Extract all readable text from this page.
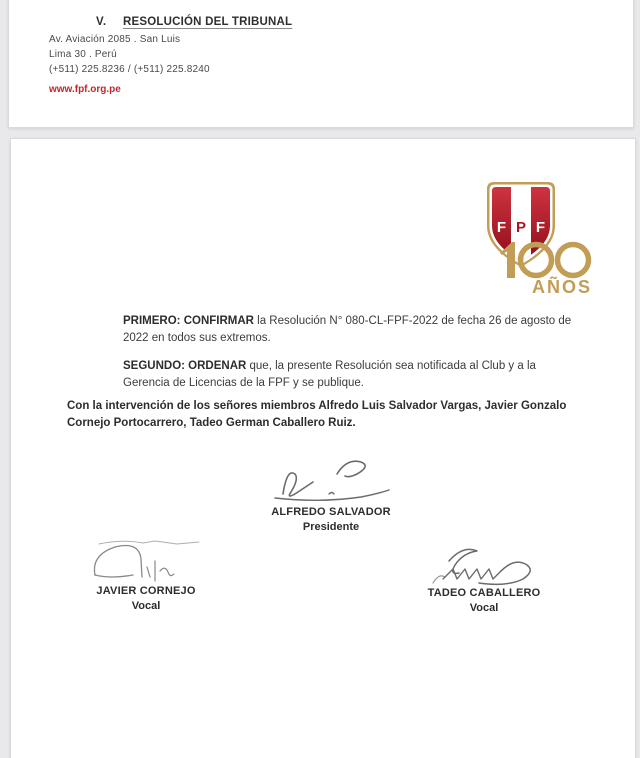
V. RESOLUCIÓN DEL TRIBUNAL
Av. Aviación 2085 . San Luis
Lima 30 . Perú
(+511) 225.8236 / (+511) 225.8240
www.fpf.org.pe
F P F
AÑOS
PRIMERO: CONFIRMAR la Resolución N° 080-CL-FPF-2022 de fecha 26 de agosto de 2022 en todos sus extremos.
SEGUNDO: ORDENAR que, la presente Resolución sea notificada al Club y a la Gerencia de Licencias de la FPF y se publique.
Con la intervención de los señores miembros Alfredo Luis Salvador Vargas, Javier Gonzalo Cornejo Portocarrero, Tadeo German Caballero Ruiz.
ALFREDO SALVADOR
Presidente
JAVIER CORNEJO
Vocal
TADEO CABALLERO
Vocal
